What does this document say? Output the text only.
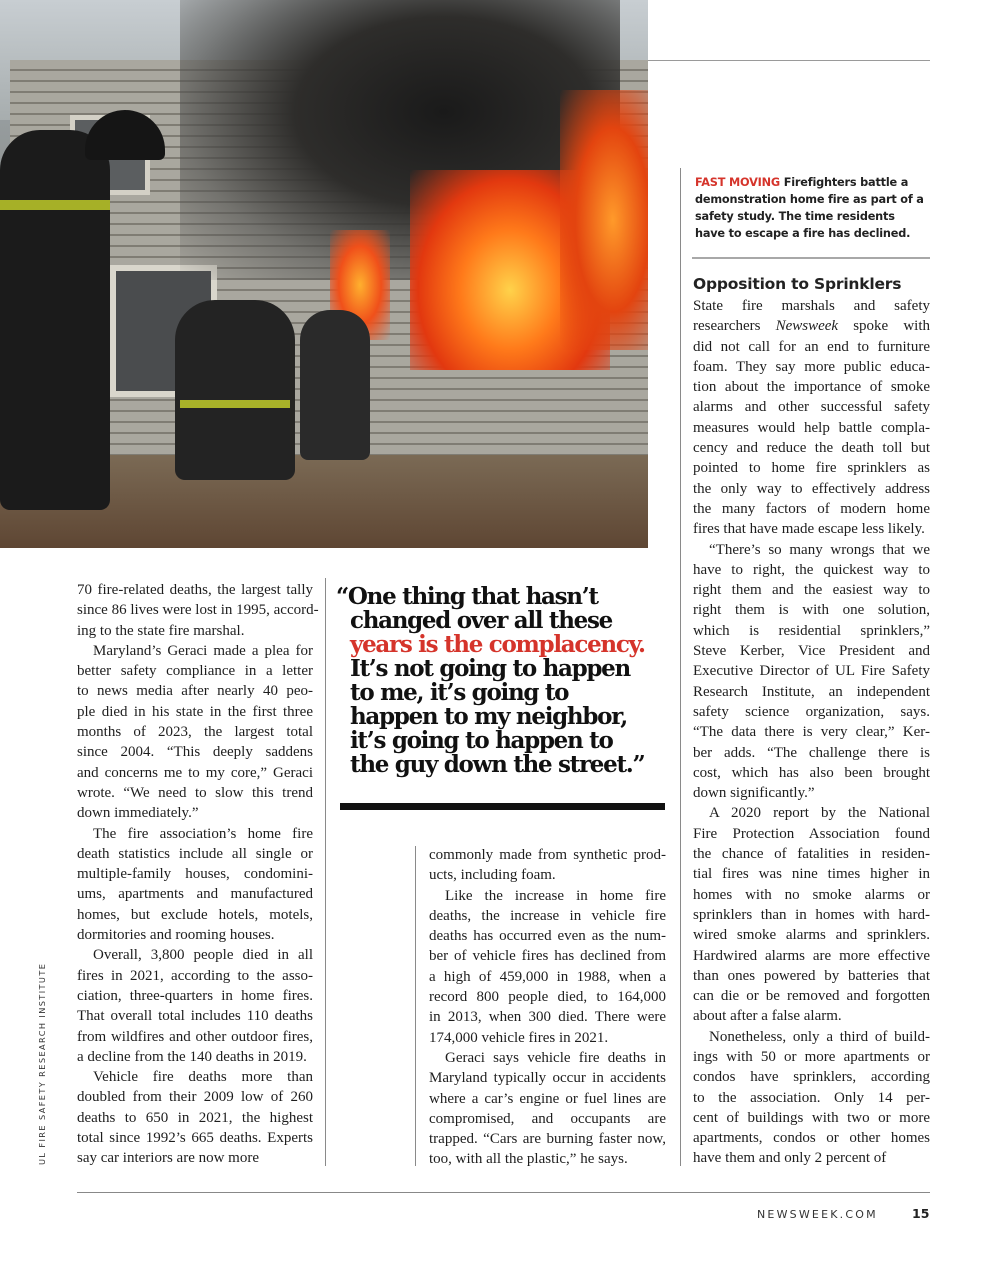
FAST MOVING Firefighters battle a demonstration home fire as part of a safety study. The time residents have to escape a fire has declined.
Opposition to Sprinklers
70 fire-related deaths, the largest tally
since 86 lives were lost in 1995, accord-
ing to the state fire marshal.
Maryland’s Geraci made a plea for
better safety compliance in a letter
to news media after nearly 40 peo-
ple died in his state in the first three
months of 2023, the largest total
since 2004. “This deeply saddens
and concerns me to my core,” Geraci
wrote. “We need to slow this trend
down immediately.”
The fire association’s home fire
death statistics include all single or
multiple-family houses, condomini-
ums, apartments and manufactured
homes, but exclude hotels, motels,
dormitories and rooming houses.
Overall, 3,800 people died in all
fires in 2021, according to the asso-
ciation, three-quarters in home fires.
That overall total includes 110 deaths
from wildfires and other outdoor fires,
a decline from the 140 deaths in 2019.
Vehicle fire deaths more than
doubled from their 2009 low of 260
deaths to 650 in 2021, the highest
total since 1992’s 665 deaths. Experts
say car interiors are now more
commonly made from synthetic prod-
ucts, including foam.
Like the increase in home fire
deaths, the increase in vehicle fire
deaths has occurred even as the num-
ber of vehicle fires has declined from
a high of 459,000 in 1988, when a
record 800 people died, to 164,000
in 2013, when 300 died. There were
174,000 vehicle fires in 2021.
Geraci says vehicle fire deaths in
Maryland typically occur in accidents
where a car’s engine or fuel lines are
compromised, and occupants are
trapped. “Cars are burning faster now,
too, with all the plastic,” he says.
State fire marshals and safety
researchers Newsweek spoke with
did not call for an end to furniture
foam. They say more public educa-
tion about the importance of smoke
alarms and other successful safety
measures would help battle compla-
cency and reduce the death toll but
pointed to home fire sprinklers as
the only way to effectively address
the many factors of modern home
fires that have made escape less likely.
“There’s so many wrongs that we
have to right, the quickest way to
right them and the easiest way to
right them is with one solution,
which is residential sprinklers,”
Steve Kerber, Vice President and
Executive Director of UL Fire Safety
Research Institute, an independent
safety science organization, says.
“The data there is very clear,” Ker-
ber adds. “The challenge there is
cost, which has also been brought
down significantly.”
A 2020 report by the National
Fire Protection Association found
the chance of fatalities in residen-
tial fires was nine times higher in
homes with no smoke alarms or
sprinklers than in homes with hard-
wired smoke alarms and sprinklers.
Hardwired alarms are more effective
than ones powered by batteries that
can die or be removed and forgotten
about after a false alarm.
Nonetheless, only a third of build-
ings with 50 or more apartments or
condos have sprinklers, according
to the association. Only 14 per-
cent of buildings with two or more
apartments, condos or other homes
have them and only 2 percent of
“One thing that hasn’t
changed over all these
years is the complacency.
It’s not going to happen
to me, it’s going to
happen to my neighbor,
it’s going to happen to
the guy down the street.”
UL FIRE SAFETY RESEARCH INSTITUTE
NEWSWEEK.COM	15
